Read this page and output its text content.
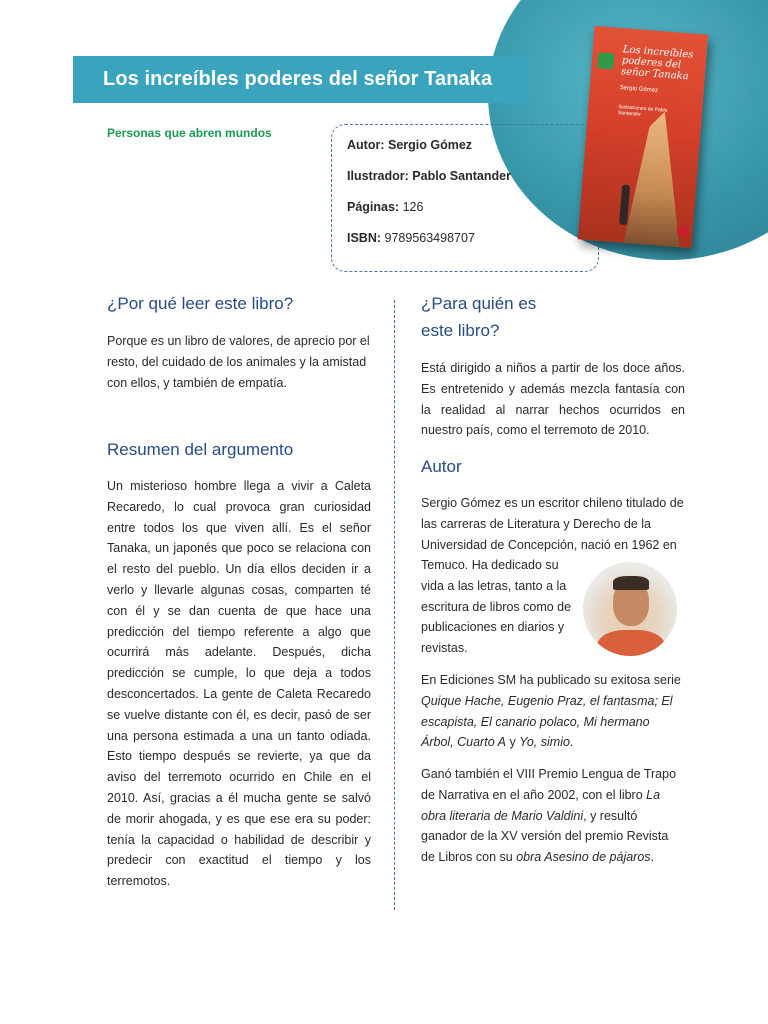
Los increíbles poderes del señor Tanaka
Personas que abren mundos
Autor: Sergio Gómez
Ilustrador: Pablo Santander
Páginas: 126
ISBN: 9789563498707
Los increíbles poderes del señor Tanaka
Sergio Gómez
Ilustraciones de Pablo Santander
¿Por qué leer este libro?

Porque es un libro de valores, de aprecio por el resto, del cuidado de los animales y la amistad con ellos, y también de empatía.

Resumen del argumento

Un misterioso hombre llega a vivir a Caleta Recaredo, lo cual provoca gran curiosidad entre todos los que viven allí. Es el señor Tanaka, un japonés que poco se relaciona con el resto del pueblo. Un día ellos deciden ir a verlo y llevarle algunas cosas, comparten té con él y se dan cuenta de que hace una predicción del tiempo referente a algo que ocurrirá más adelante. Después, dicha predicción se cumple, lo que deja a todos desconcertados. La gente de Caleta Recaredo se vuelve distante con él, es decir, pasó de ser una persona estimada a una un tanto odiada. Esto tiempo después se revierte, ya que da aviso del terremoto ocurrido en Chile en el 2010. Así, gracias a él mucha gente se salvó de morir ahogada, y es que ese era su poder: tenía la capacidad o habilidad de describir y predecir con exactitud el tiempo y los terremotos.

¿Para quién es
este libro?

Está dirigido a niños a partir de los doce años. Es entretenido y además mezcla fantasía con la realidad al narrar hechos ocurridos en nuestro país, como el terremoto de 2010.

Autor

Sergio Gómez es un escritor chileno titulado de las carreras de Literatura y Derecho de la Universidad de Concepción, nació en 1962 en

Temuco. Ha dedicado su vida a las letras, tanto a la escritura de libros como de publicaciones en diarios y revistas.

En Ediciones SM ha publicado su exitosa serie Quique Hache, Eugenio Praz, el fantasma; El escapista, El canario polaco, Mi hermano Árbol, Cuarto A y Yo, simio.

Ganó también el VIII Premio Lengua de Trapo de Narrativa en el año 2002, con el libro La obra literaria de Mario Valdini, y resultó ganador de la XV versión del premio Revista de Libros con su obra Asesino de pájaros.
